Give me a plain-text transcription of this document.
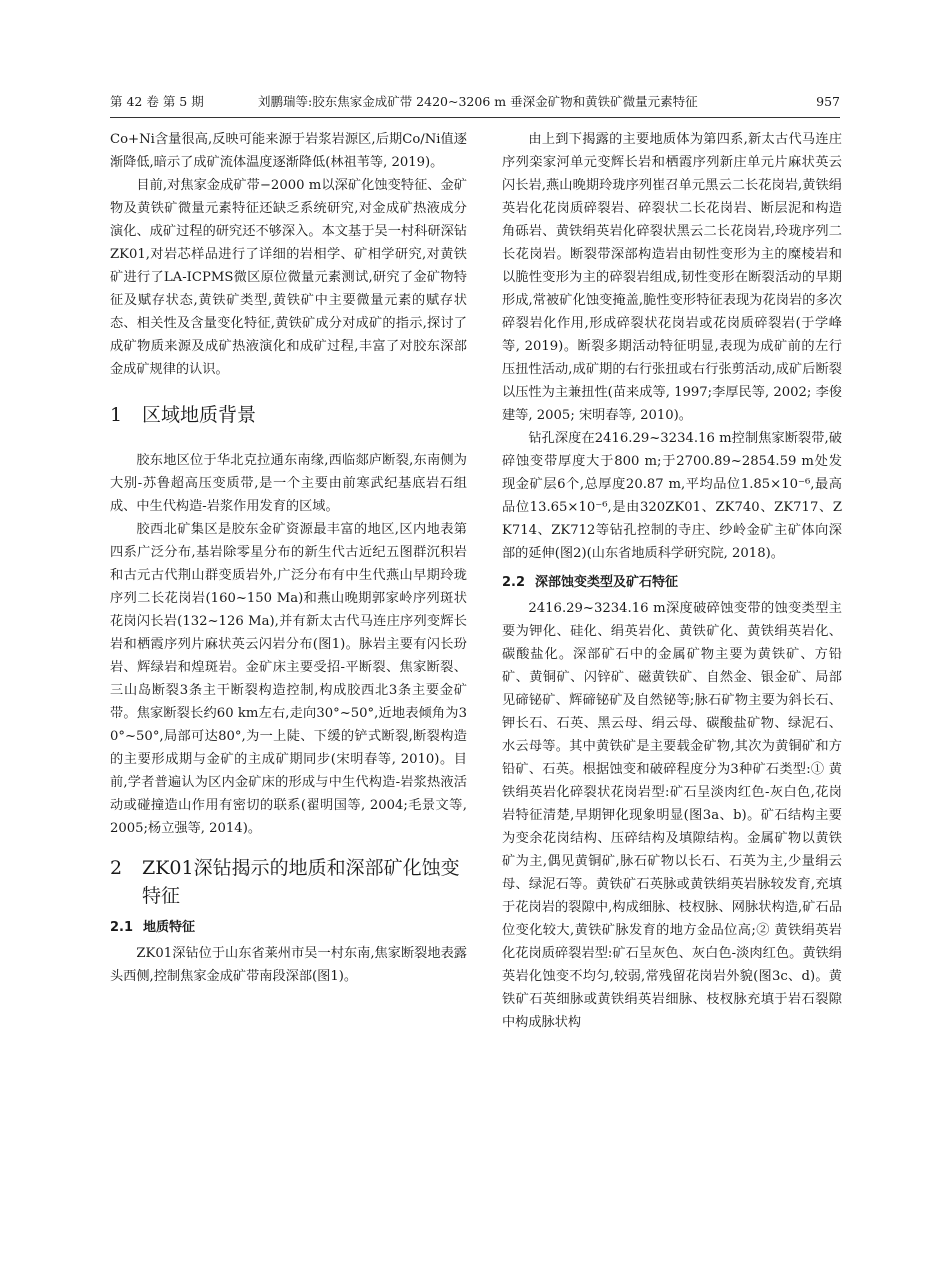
第 42 卷 第 5 期	刘鹏瑞等:胶东焦家金成矿带 2420~3206 m 垂深金矿物和黄铁矿微量元素特征	957

Co+Ni含量很高,反映可能来源于岩浆岩源区,后期Co/Ni值逐渐降低,暗示了成矿流体温度逐渐降低(林祖苇等, 2019)。

目前,对焦家金成矿带−2000 m以深矿化蚀变特征、金矿物及黄铁矿微量元素特征还缺乏系统研究,对金成矿热液成分演化、成矿过程的研究还不够深入。本文基于吴一村科研深钻ZK01,对岩芯样品进行了详细的岩相学、矿相学研究,对黄铁矿进行了LA-ICPMS微区原位微量元素测试,研究了金矿物特征及赋存状态,黄铁矿类型,黄铁矿中主要微量元素的赋存状态、相关性及含量变化特征,黄铁矿成分对成矿的指示,探讨了成矿物质来源及成矿热液演化和成矿过程,丰富了对胶东深部金成矿规律的认识。

1	区域地质背景

胶东地区位于华北克拉通东南缘,西临郯庐断裂,东南侧为大别-苏鲁超高压变质带,是一个主要由前寒武纪基底岩石组成、中生代构造-岩浆作用发育的区域。

胶西北矿集区是胶东金矿资源最丰富的地区,区内地表第四系广泛分布,基岩除零星分布的新生代古近纪五图群沉积岩和古元古代荆山群变质岩外,广泛分布有中生代燕山早期玲珑序列二长花岗岩(160~150 Ma)和燕山晚期郭家岭序列斑状花岗闪长岩(132~126 Ma),并有新太古代马连庄序列变辉长岩和栖霞序列片麻状英云闪岩分布(图1)。脉岩主要有闪长玢岩、辉绿岩和煌斑岩。金矿床主要受招-平断裂、焦家断裂、三山岛断裂3条主干断裂构造控制,构成胶西北3条主要金矿带。焦家断裂长约60 km左右,走向30°~50°,近地表倾角为30°~50°,局部可达80°,为一上陡、下缓的铲式断裂,断裂构造的主要形成期与金矿的主成矿期同步(宋明春等, 2010)。目前,学者普遍认为区内金矿床的形成与中生代构造-岩浆热液活动或碰撞造山作用有密切的联系(翟明国等, 2004;毛景文等, 2005;杨立强等, 2014)。

2	ZK01深钻揭示的地质和深部矿化蚀变特征
2.1 地质特征

ZK01深钻位于山东省莱州市吴一村东南,焦家断裂地表露头西侧,控制焦家金成矿带南段深部(图1)。

由上到下揭露的主要地质体为第四系,新太古代马连庄序列栾家河单元变辉长岩和栖霞序列新庄单元片麻状英云闪长岩,燕山晚期玲珑序列崔召单元黑云二长花岗岩,黄铁绢英岩化花岗质碎裂岩、碎裂状二长花岗岩、断层泥和构造角砾岩、黄铁绢英岩化碎裂状黑云二长花岗岩,玲珑序列二长花岗岩。断裂带深部构造岩由韧性变形为主的糜棱岩和以脆性变形为主的碎裂岩组成,韧性变形在断裂活动的早期形成,常被矿化蚀变掩盖,脆性变形特征表现为花岗岩的多次碎裂岩化作用,形成碎裂状花岗岩或花岗质碎裂岩(于学峰等, 2019)。断裂多期活动特征明显,表现为成矿前的左行压扭性活动,成矿期的右行张扭或右行张剪活动,成矿后断裂以压性为主兼扭性(苗来成等, 1997;李厚民等, 2002; 李俊建等, 2005; 宋明春等, 2010)。

钻孔深度在2416.29~3234.16 m控制焦家断裂带,破碎蚀变带厚度大于800 m;于2700.89~2854.59 m处发现金矿层6个,总厚度20.87 m,平均品位1.85×10⁻⁶,最高品位13.65×10⁻⁶,是由320ZK01、ZK740、ZK717、ZK714、ZK712等钻孔控制的寺庄、纱岭金矿主矿体向深部的延伸(图2)(山东省地质科学研究院, 2018)。

2.2 深部蚀变类型及矿石特征

2416.29~3234.16 m深度破碎蚀变带的蚀变类型主要为钾化、硅化、绢英岩化、黄铁矿化、黄铁绢英岩化、碳酸盐化。深部矿石中的金属矿物主要为黄铁矿、方铅矿、黄铜矿、闪锌矿、磁黄铁矿、自然金、银金矿、局部见碲铋矿、辉碲铋矿及自然铋等;脉石矿物主要为斜长石、钾长石、石英、黑云母、绢云母、碳酸盐矿物、绿泥石、水云母等。其中黄铁矿是主要载金矿物,其次为黄铜矿和方铅矿、石英。根据蚀变和破碎程度分为3种矿石类型:① 黄铁绢英岩化碎裂状花岗岩型:矿石呈淡肉红色-灰白色,花岗岩特征清楚,早期钾化现象明显(图3a、b)。矿石结构主要为变余花岗结构、压碎结构及填隙结构。金属矿物以黄铁矿为主,偶见黄铜矿,脉石矿物以长石、石英为主,少量绢云母、绿泥石等。黄铁矿石英脉或黄铁绢英岩脉较发育,充填于花岗岩的裂隙中,构成细脉、枝杈脉、网脉状构造,矿石品位变化较大,黄铁矿脉发育的地方金品位高;② 黄铁绢英岩化花岗质碎裂岩型:矿石呈灰色、灰白色-淡肉红色。黄铁绢英岩化蚀变不均匀,较弱,常残留花岗岩外貌(图3c、d)。黄铁矿石英细脉或黄铁绢英岩细脉、枝杈脉充填于岩石裂隙中构成脉状构
